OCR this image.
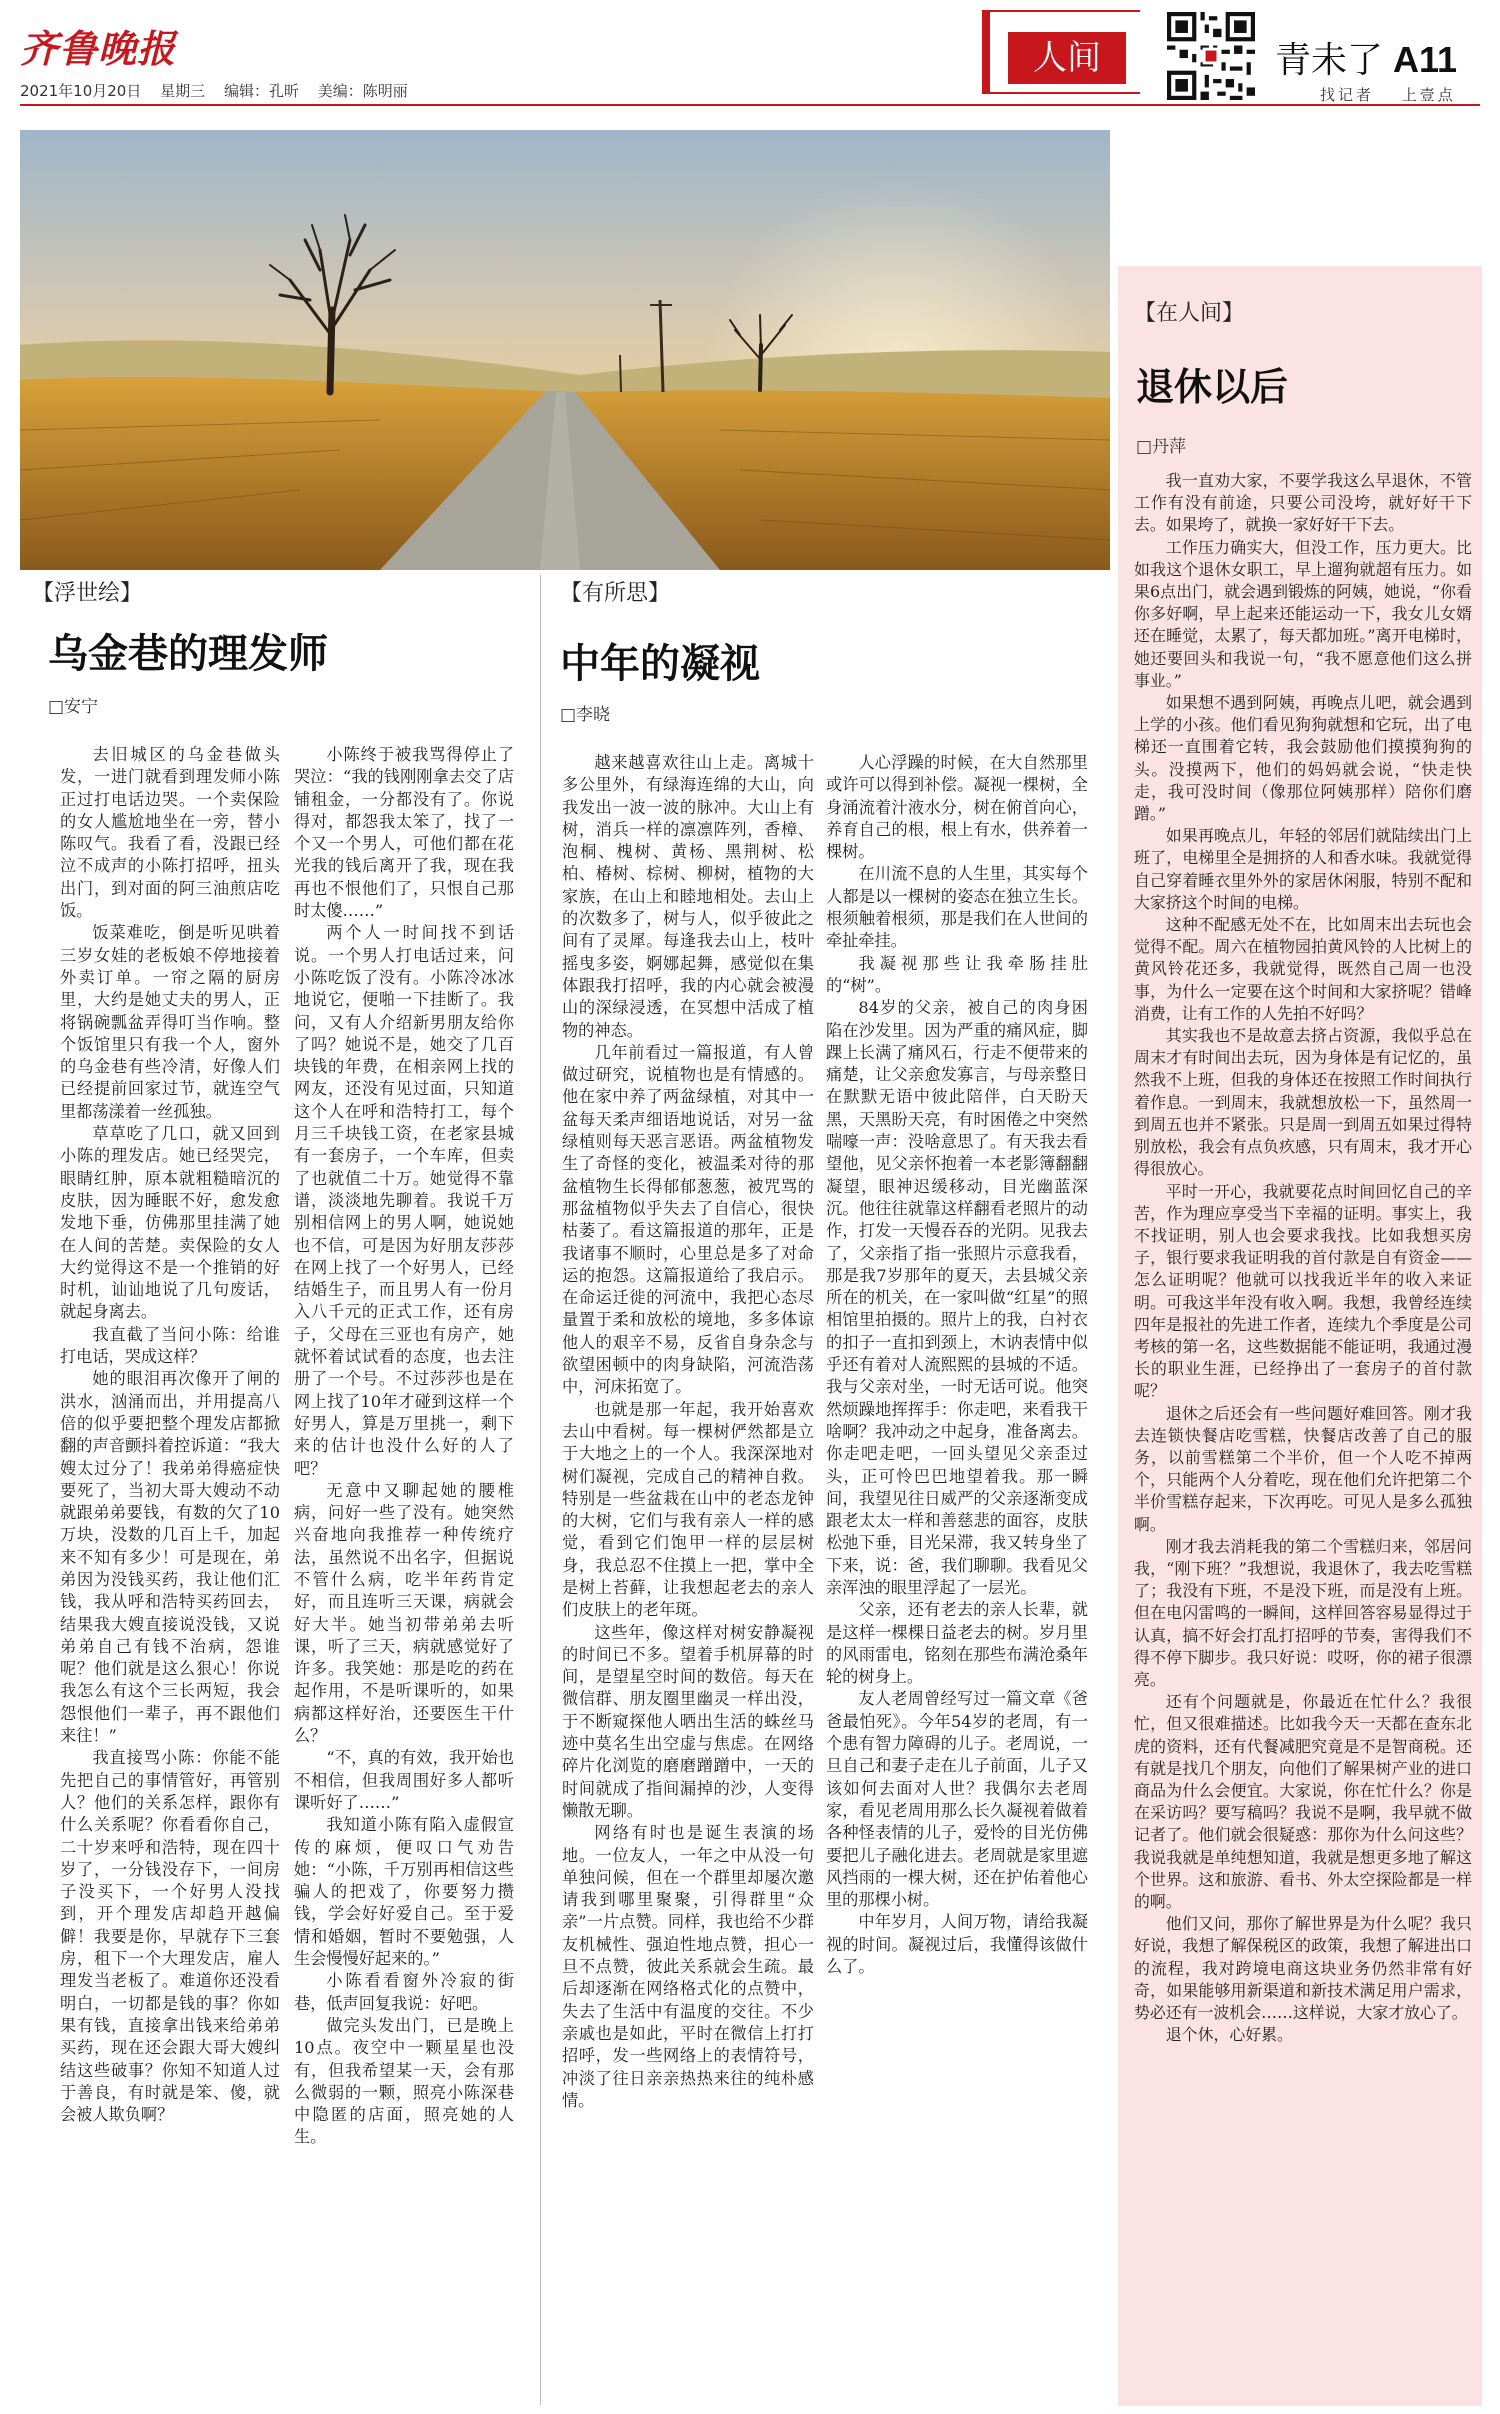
齐鲁晚报
2021年10月20日 星期三 编辑：孔昕 美编：陈明丽
人间	青未了 A11
找记者 上壹点
【浮世绘】
乌金巷的理发师
□安宁

去旧城区的乌金巷做头发，一进门就看到理发师小陈正过打电话边哭。一个卖保险的女人尴尬地坐在一旁，替小陈叹气。我看了看，没跟已经泣不成声的小陈打招呼，扭头出门，到对面的阿三油煎店吃饭。

饭菜难吃，倒是听见哄着三岁女娃的老板娘不停地接着外卖订单。一帘之隔的厨房里，大约是她丈夫的男人，正将锅碗瓢盆弄得叮当作响。整个饭馆里只有我一个人，窗外的乌金巷有些冷清，好像人们已经提前回家过节，就连空气里都荡漾着一丝孤独。

草草吃了几口，就又回到小陈的理发店。她已经哭完，眼睛红肿，原本就粗糙暗沉的皮肤，因为睡眠不好，愈发愈发地下垂，仿佛那里挂满了她在人间的苦楚。卖保险的女人大约觉得这不是一个推销的好时机，讪讪地说了几句废话，就起身离去。

我直截了当问小陈：给谁打电话，哭成这样？

她的眼泪再次像开了闸的洪水，汹涌而出，并用提高八倍的似乎要把整个理发店都掀翻的声音颤抖着控诉道：“我大嫂太过分了！我弟弟得癌症快要死了，当初大哥大嫂动不动就跟弟弟要钱，有数的欠了10万块，没数的几百上千，加起来不知有多少！可是现在，弟弟因为没钱买药，我让他们汇钱，我从呼和浩特买药回去，结果我大嫂直接说没钱，又说弟弟自己有钱不治病，怨谁呢？他们就是这么狠心！你说我怎么有这个三长两短，我会怨恨他们一辈子，再不跟他们来往！”

我直接骂小陈：你能不能先把自己的事情管好，再管别人？他们的关系怎样，跟你有什么关系呢？你看看你自己，二十岁来呼和浩特，现在四十岁了，一分钱没存下，一间房子没买下，一个好男人没找到，开个理发店却趋开越偏僻！我要是你，早就存下三套房，租下一个大理发店，雇人理发当老板了。难道你还没看明白，一切都是钱的事？你如果有钱，直接拿出钱来给弟弟买药，现在还会跟大哥大嫂纠结这些破事？你知不知道人过于善良，有时就是笨、傻，就会被人欺负啊？

小陈终于被我骂得停止了哭泣：“我的钱刚刚拿去交了店铺租金，一分都没有了。你说得对，都怨我太笨了，找了一个又一个男人，可他们都在花光我的钱后离开了我，现在我再也不恨他们了，只恨自己那时太傻……”

两个人一时间找不到话说。一个男人打电话过来，问小陈吃饭了没有。小陈冷冰冰地说它，便啪一下挂断了。我问，又有人介绍新男朋友给你了吗？她说不是，她交了几百块钱的年费，在相亲网上找的网友，还没有见过面，只知道这个人在呼和浩特打工，每个月三千块钱工资，在老家县城有一套房子，一个车库，但卖了也就值二十万。她觉得不靠谱，淡淡地先聊着。我说千万别相信网上的男人啊，她说她也不信，可是因为好朋友莎莎在网上找了一个好男人，已经结婚生子，而且男人有一份月入八千元的正式工作，还有房子，父母在三亚也有房产，她就怀着试试看的态度，也去注册了一个号。不过莎莎也是在网上找了10年才碰到这样一个好男人，算是万里挑一，剩下来的估计也没什么好的人了吧？

无意中又聊起她的腰椎病，问好一些了没有。她突然兴奋地向我推荐一种传统疗法，虽然说不出名字，但据说不管什么病，吃半年药肯定好，而且连听三天课，病就会好大半。她当初带弟弟去听课，听了三天，病就感觉好了许多。我笑她：那是吃的药在起作用，不是听课听的，如果病都这样好治，还要医生干什么？

“不，真的有效，我开始也不相信，但我周围好多人都听课听好了……”

我知道小陈有陷入虚假宣传的麻烦，便叹口气劝告她：“小陈，千万别再相信这些骗人的把戏了，你要努力攒钱，学会好好爱自己。至于爱情和婚姻，暂时不要勉强，人生会慢慢好起来的。”

小陈看看窗外冷寂的街巷，低声回复我说：好吧。

做完头发出门，已是晚上10点。夜空中一颗星星也没有，但我希望某一天，会有那么微弱的一颗，照亮小陈深巷中隐匿的店面，照亮她的人生。

【有所思】
中年的凝视
□李晓

越来越喜欢往山上走。离城十多公里外，有绿海连绵的大山，向我发出一波一波的脉冲。大山上有树，消兵一样的凛凛阵列，香樟、泡桐、槐树、黄杨、黑荆树、松柏、椿树、棕树、柳树，植物的大家族，在山上和睦地相处。去山上的次数多了，树与人，似乎彼此之间有了灵犀。每逢我去山上，枝叶摇曳多姿，婀娜起舞，感觉似在集体跟我打招呼，我的内心就会被漫山的深绿浸透，在冥想中活成了植物的神态。

几年前看过一篇报道，有人曾做过研究，说植物也是有情感的。他在家中养了两盆绿植，对其中一盆每天柔声细语地说话，对另一盆绿植则每天恶言恶语。两盆植物发生了奇怪的变化，被温柔对待的那盆植物生长得郁郁葱葱，被咒骂的那盆植物似乎失去了自信心，很快枯萎了。看这篇报道的那年，正是我诸事不顺时，心里总是多了对命运的抱怨。这篇报道给了我启示。在命运迁徙的河流中，我把心态尽量置于柔和放松的境地，多多体谅他人的艰辛不易，反省自身杂念与欲望困顿中的肉身缺陷，河流浩荡中，河床拓宽了。

也就是那一年起，我开始喜欢去山中看树。每一棵树俨然都是立于大地之上的一个人。我深深地对树们凝视，完成自己的精神自救。特别是一些盆栽在山中的老态龙钟的大树，它们与我有亲人一样的感觉，看到它们饱甲一样的层层树身，我总忍不住摸上一把，掌中全是树上苔藓，让我想起老去的亲人们皮肤上的老年斑。

这些年，像这样对树安静凝视的时间已不多。望着手机屏幕的时间，是望星空时间的数倍。每天在微信群、朋友圈里幽灵一样出没，于不断窥探他人晒出生活的蛛丝马迹中莫名生出空虚与焦虑。在网络碎片化浏览的磨磨蹭蹭中，一天的时间就成了指间漏掉的沙，人变得懒散无聊。

网络有时也是诞生表演的场地。一位友人，一年之中从没一句单独问候，但在一个群里却屡次邀请我到哪里聚聚，引得群里“众亲”一片点赞。同样，我也给不少群友机械性、强迫性地点赞，担心一旦不点赞，彼此关系就会生疏。最后却逐渐在网络格式化的点赞中，失去了生活中有温度的交往。不少亲戚也是如此，平时在微信上打打招呼，发一些网络上的表情符号，冲淡了往日亲亲热热来往的纯朴感情。

人心浮躁的时候，在大自然那里或许可以得到补偿。凝视一棵树，全身涌流着汁液水分，树在俯首向心，养育自己的根，根上有水，供养着一棵树。

在川流不息的人生里，其实每个人都是以一棵树的姿态在独立生长。根须触着根须，那是我们在人世间的牵扯牵挂。

我凝视那些让我牵肠挂肚的“树”。

84岁的父亲，被自己的肉身困陷在沙发里。因为严重的痛风症，脚踝上长满了痛风石，行走不便带来的痛楚，让父亲愈发寡言，与母亲整日在默默无语中彼此陪伴，白天盼天黑，天黑盼天亮，有时困倦之中突然喘嚎一声：没啥意思了。有天我去看望他，见父亲怀抱着一本老影簿翻翻凝望，眼神迟缓移动，目光幽蓝深沉。他往往就靠这样翻看老照片的动作，打发一天慢吞吞的光阴。见我去了，父亲指了指一张照片示意我看，那是我7岁那年的夏天，去县城父亲所在的机关，在一家叫做“红星”的照相馆里拍摄的。照片上的我，白衬衣的扣子一直扣到颈上，木讷表情中似乎还有着对人流熙熙的县城的不适。我与父亲对坐，一时无话可说。他突然烦躁地挥挥手：你走吧，来看我干啥啊？我冲动之中起身，准备离去。你走吧走吧，一回头望见父亲歪过头，正可怜巴巴地望着我。那一瞬间，我望见往日威严的父亲逐渐变成跟老太太一样和善慈悲的面容，皮肤松弛下垂，目光呆滞，我又转身坐了下来，说：爸，我们聊聊。我看见父亲浑浊的眼里浮起了一层光。

父亲，还有老去的亲人长辈，就是这样一棵棵日益老去的树。岁月里的风雨雷电，铭刻在那些布满沧桑年轮的树身上。

友人老周曾经写过一篇文章《爸爸最怕死》。今年54岁的老周，有一个患有智力障碍的儿子。老周说，一旦自己和妻子走在儿子前面，儿子又该如何去面对人世？我偶尔去老周家，看见老周用那么长久凝视着做着各种怪表情的儿子，爱怜的目光仿佛要把儿子融化进去。老周就是家里遮风挡雨的一棵大树，还在护佑着他心里的那棵小树。

中年岁月，人间万物，请给我凝视的时间。凝视过后，我懂得该做什么了。

【在人间】
退休以后
□丹萍

我一直劝大家，不要学我这么早退休，不管工作有没有前途，只要公司没垮，就好好干下去。如果垮了，就换一家好好干下去。

工作压力确实大，但没工作，压力更大。比如我这个退休女职工，早上遛狗就超有压力。如果6点出门，就会遇到锻炼的阿姨，她说，“你看你多好啊，早上起来还能运动一下，我女儿女婿还在睡觉，太累了，每天都加班。”离开电梯时，她还要回头和我说一句，“我不愿意他们这么拼事业。”

如果想不遇到阿姨，再晚点儿吧，就会遇到上学的小孩。他们看见狗狗就想和它玩，出了电梯还一直围着它转，我会鼓励他们摸摸狗狗的头。没摸两下，他们的妈妈就会说，“快走快走，我可没时间（像那位阿姨那样）陪你们磨蹭。”

如果再晚点儿，年轻的邻居们就陆续出门上班了，电梯里全是拥挤的人和香水味。我就觉得自己穿着睡衣里外外的家居休闲服，特别不配和大家挤这个时间的电梯。

这种不配感无处不在，比如周末出去玩也会觉得不配。周六在植物园拍黄风铃的人比树上的黄风铃花还多，我就觉得，既然自己周一也没事，为什么一定要在这个时间和大家挤呢？错峰消费，让有工作的人先拍不好吗？

其实我也不是故意去挤占资源，我似乎总在周末才有时间出去玩，因为身体是有记忆的，虽然我不上班，但我的身体还在按照工作时间执行着作息。一到周末，我就想放松一下，虽然周一到周五也并不紧张。只是周一到周五如果过得特别放松，我会有点负疚感，只有周末，我才开心得很放心。

平时一开心，我就要花点时间回忆自己的辛苦，作为理应享受当下幸福的证明。事实上，我不找证明，别人也会要求我找。比如我想买房子，银行要求我证明我的首付款是自有资金——怎么证明呢？他就可以找我近半年的收入来证明。可我这半年没有收入啊。我想，我曾经连续四年是报社的先进工作者，连续九个季度是公司考核的第一名，这些数据能不能证明，我通过漫长的职业生涯，已经挣出了一套房子的首付款呢？

退休之后还会有一些问题好难回答。刚才我去连锁快餐店吃雪糕，快餐店改善了自己的服务，以前雪糕第二个半价，但一个人吃不掉两个，只能两个人分着吃，现在他们允许把第二个半价雪糕存起来，下次再吃。可见人是多么孤独啊。

刚才我去消耗我的第二个雪糕归来，邻居问我，“刚下班？”我想说，我退休了，我去吃雪糕了；我没有下班，不是没下班，而是没有上班。但在电闪雷鸣的一瞬间，这样回答容易显得过于认真，搞不好会打乱打招呼的节奏，害得我们不得不停下脚步。我只好说：哎呀，你的裙子很漂亮。

还有个问题就是，你最近在忙什么？我很忙，但又很难描述。比如我今天一天都在查东北虎的资料，还有代餐减肥究竟是不是智商税。还有就是找几个朋友，向他们了解果树产业的进口商品为什么会便宜。大家说，你在忙什么？你是在采访吗？要写稿吗？我说不是啊，我早就不做记者了。他们就会很疑惑：那你为什么问这些？我说我就是单纯想知道，我就是想更多地了解这个世界。这和旅游、看书、外太空探险都是一样的啊。

他们又问，那你了解世界是为什么呢？我只好说，我想了解保税区的政策，我想了解进出口的流程，我对跨境电商这块业务仍然非常有好奇，如果能够用新渠道和新技术满足用户需求，势必还有一波机会……这样说，大家才放心了。

退个休，心好累。
